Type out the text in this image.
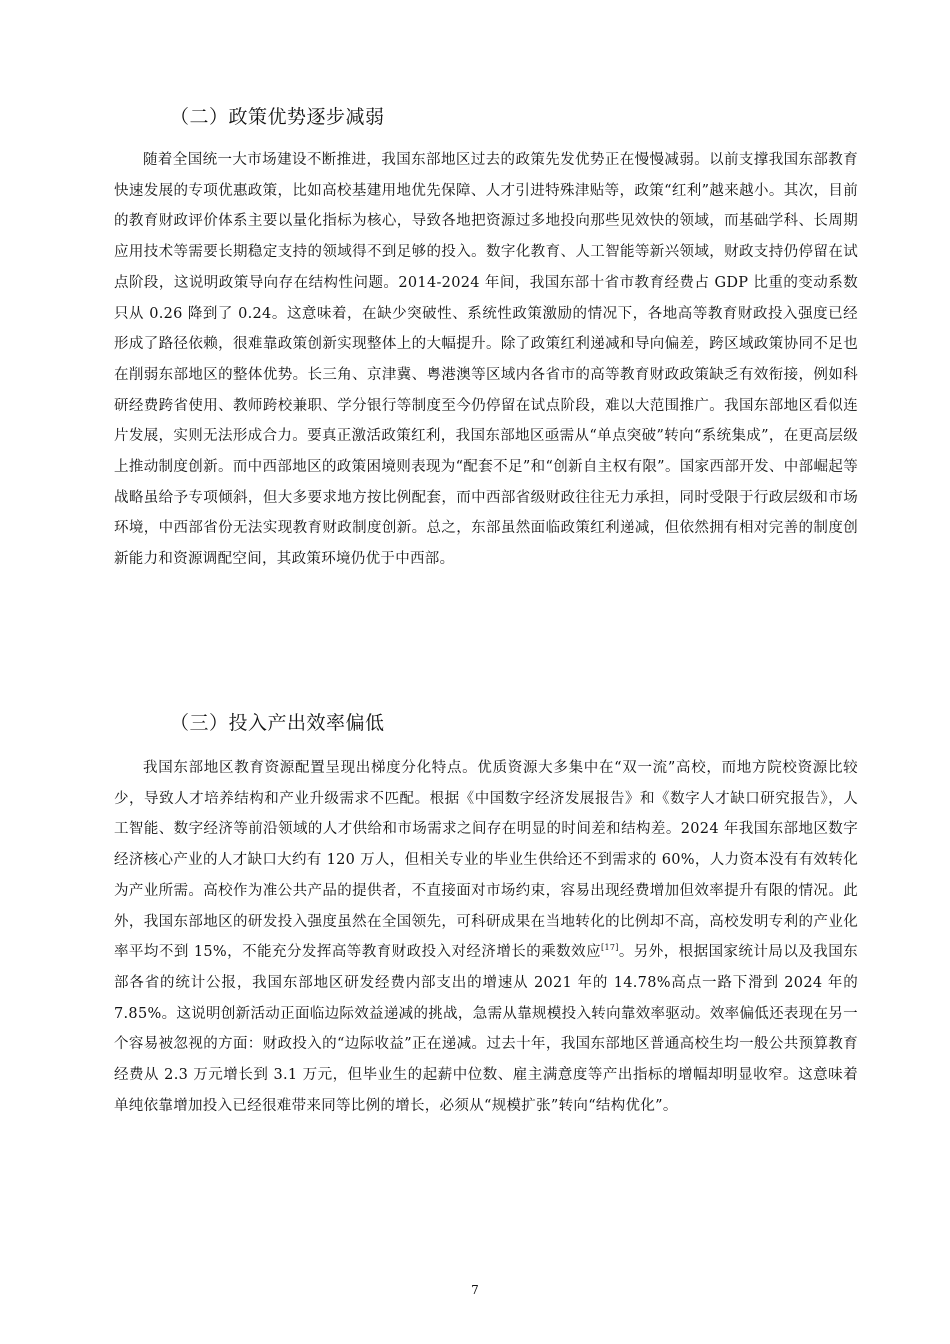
（二）政策优势逐步减弱

随着全国统一大市场建设不断推进，我国东部地区过去的政策先发优势正在慢慢减弱。以前支撑我国东部教育快速发展的专项优惠政策，比如高校基建用地优先保障、人才引进特殊津贴等，政策“红利”越来越小。其次，目前的教育财政评价体系主要以量化指标为核心，导致各地把资源过多地投向那些见效快的领域，而基础学科、长周期应用技术等需要长期稳定支持的领域得不到足够的投入。数字化教育、人工智能等新兴领域，财政支持仍停留在试点阶段，这说明政策导向存在结构性问题。2014-2024 年间，我国东部十省市教育经费占 GDP 比重的变动系数只从 0.26 降到了 0.24。这意味着，在缺少突破性、系统性政策激励的情况下，各地高等教育财政投入强度已经形成了路径依赖，很难靠政策创新实现整体上的大幅提升。除了政策红利递减和导向偏差，跨区域政策协同不足也在削弱东部地区的整体优势。长三角、京津冀、粤港澳等区域内各省市的高等教育财政政策缺乏有效衔接，例如科研经费跨省使用、教师跨校兼职、学分银行等制度至今仍停留在试点阶段，难以大范围推广。我国东部地区看似连片发展，实则无法形成合力。要真正激活政策红利，我国东部地区亟需从“单点突破”转向“系统集成”，在更高层级上推动制度创新。而中西部地区的政策困境则表现为“配套不足”和“创新自主权有限”。国家西部开发、中部崛起等战略虽给予专项倾斜，但大多要求地方按比例配套，而中西部省级财政往往无力承担，同时受限于行政层级和市场环境，中西部省份无法实现教育财政制度创新。总之，东部虽然面临政策红利递减，但依然拥有相对完善的制度创新能力和资源调配空间，其政策环境仍优于中西部。

（三）投入产出效率偏低

我国东部地区教育资源配置呈现出梯度分化特点。优质资源大多集中在“双一流”高校，而地方院校资源比较少，导致人才培养结构和产业升级需求不匹配。根据《中国数字经济发展报告》和《数字人才缺口研究报告》，人工智能、数字经济等前沿领域的人才供给和市场需求之间存在明显的时间差和结构差。2024 年我国东部地区数字经济核心产业的人才缺口大约有 120 万人，但相关专业的毕业生供给还不到需求的 60%，人力资本没有有效转化为产业所需。高校作为准公共产品的提供者，不直接面对市场约束，容易出现经费增加但效率提升有限的情况。此外，我国东部地区的研发投入强度虽然在全国领先，可科研成果在当地转化的比例却不高，高校发明专利的产业化率平均不到 15%，不能充分发挥高等教育财政投入对经济增长的乘数效应[17]。另外，根据国家统计局以及我国东部各省的统计公报，我国东部地区研发经费内部支出的增速从 2021 年的 14.78%高点一路下滑到 2024 年的 7.85%。这说明创新活动正面临边际效益递减的挑战，急需从靠规模投入转向靠效率驱动。效率偏低还表现在另一个容易被忽视的方面：财政投入的“边际收益”正在递减。过去十年，我国东部地区普通高校生均一般公共预算教育经费从 2.3 万元增长到 3.1 万元，但毕业生的起薪中位数、雇主满意度等产出指标的增幅却明显收窄。这意味着单纯依靠增加投入已经很难带来同等比例的增长，必须从“规模扩张”转向“结构优化”。

7
